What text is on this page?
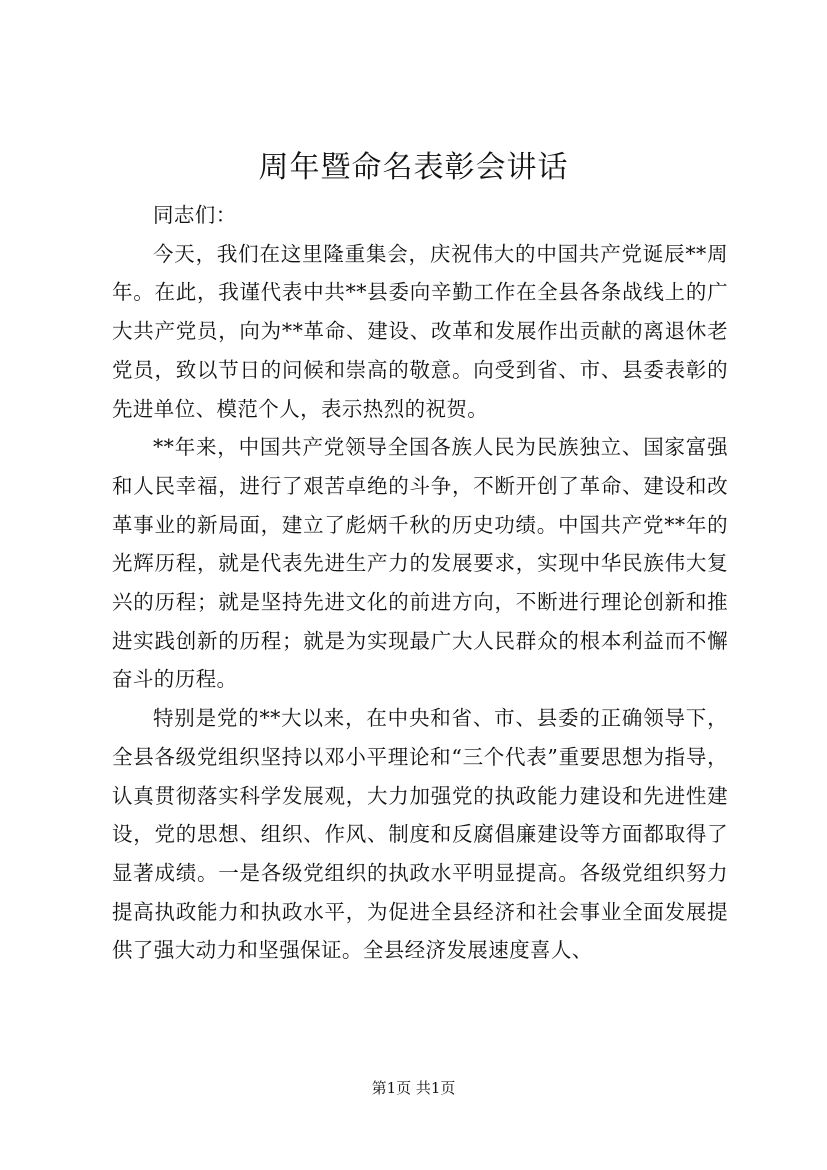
周年暨命名表彰会讲话

同志们：

今天，我们在这里隆重集会，庆祝伟大的中国共产党诞辰**周年。在此，我谨代表中共**县委向辛勤工作在全县各条战线上的广大共产党员，向为**革命、建设、改革和发展作出贡献的离退休老党员，致以节日的问候和崇高的敬意。向受到省、市、县委表彰的先进单位、模范个人，表示热烈的祝贺。

**年来，中国共产党领导全国各族人民为民族独立、国家富强和人民幸福，进行了艰苦卓绝的斗争，不断开创了革命、建设和改革事业的新局面，建立了彪炳千秋的历史功绩。中国共产党**年的光辉历程，就是代表先进生产力的发展要求，实现中华民族伟大复兴的历程；就是坚持先进文化的前进方向，不断进行理论创新和推进实践创新的历程；就是为实现最广大人民群众的根本利益而不懈奋斗的历程。

特别是党的**大以来，在中央和省、市、县委的正确领导下，全县各级党组织坚持以邓小平理论和“三个代表”重要思想为指导，认真贯彻落实科学发展观，大力加强党的执政能力建设和先进性建设，党的思想、组织、作风、制度和反腐倡廉建设等方面都取得了显著成绩。一是各级党组织的执政水平明显提高。各级党组织努力提高执政能力和执政水平，为促进全县经济和社会事业全面发展提供了强大动力和坚强保证。全县经济发展速度喜人、

第1页 共1页
